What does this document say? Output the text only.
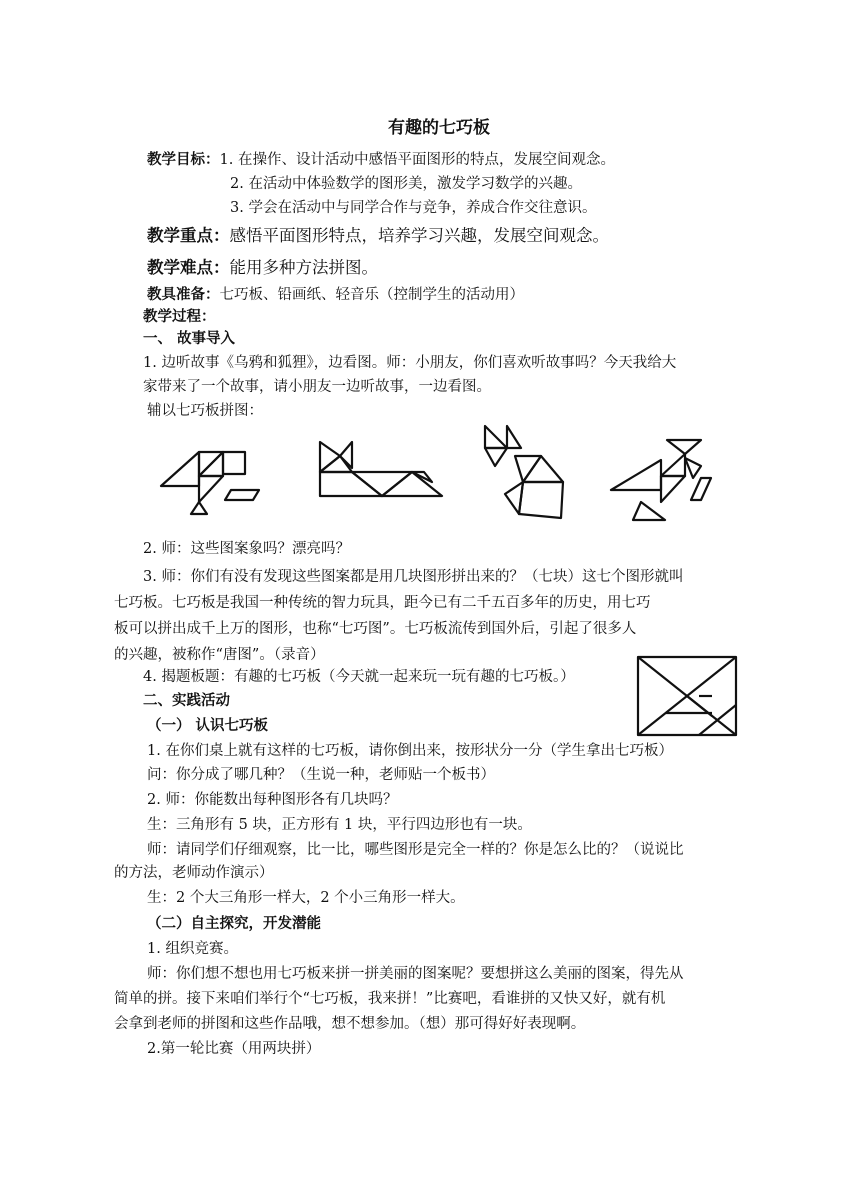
有趣的七巧板
教学目标：1. 在操作、设计活动中感悟平面图形的特点，发展空间观念。
2. 在活动中体验数学的图形美，激发学习数学的兴趣。
3. 学会在活动中与同学合作与竞争，养成合作交往意识。
教学重点：感悟平面图形特点，培养学习兴趣，发展空间观念。
教学难点：能用多种方法拼图。
教具准备：七巧板、铅画纸、轻音乐（控制学生的活动用）
教学过程：
一、 故事导入
1. 边听故事《乌鸦和狐狸》，边看图。师：小朋友，你们喜欢听故事吗？今天我给大
家带来了一个故事，请小朋友一边听故事，一边看图。
辅以七巧板拼图：
2. 师：这些图案象吗？漂亮吗？
3. 师：你们有没有发现这些图案都是用几块图形拼出来的？（七块）这七个图形就叫
七巧板。七巧板是我国一种传统的智力玩具，距今已有二千五百多年的历史，用七巧
板可以拼出成千上万的图形，也称“七巧图”。七巧板流传到国外后，引起了很多人
的兴趣，被称作“唐图”。（录音）
4. 揭题板题：有趣的七巧板（今天就一起来玩一玩有趣的七巧板。）
二、实践活动
（一） 认识七巧板
1. 在你们桌上就有这样的七巧板，请你倒出来，按形状分一分（学生拿出七巧板）
问：你分成了哪几种？（生说一种，老师贴一个板书）
2. 师：你能数出每种图形各有几块吗？
生：三角形有 5 块，正方形有 1 块，平行四边形也有一块。
师：请同学们仔细观察，比一比，哪些图形是完全一样的？你是怎么比的？（说说比
的方法，老师动作演示）
生：2 个大三角形一样大，2 个小三角形一样大。
（二）自主探究，开发潜能
1. 组织竞赛。
师：你们想不想也用七巧板来拼一拼美丽的图案呢？要想拼这么美丽的图案，得先从
简单的拼。接下来咱们举行个“七巧板，我来拼！”比赛吧，看谁拼的又快又好，就有机
会拿到老师的拼图和这些作品哦，想不想参加。（想）那可得好好表现啊。
2.第一轮比赛（用两块拼）
